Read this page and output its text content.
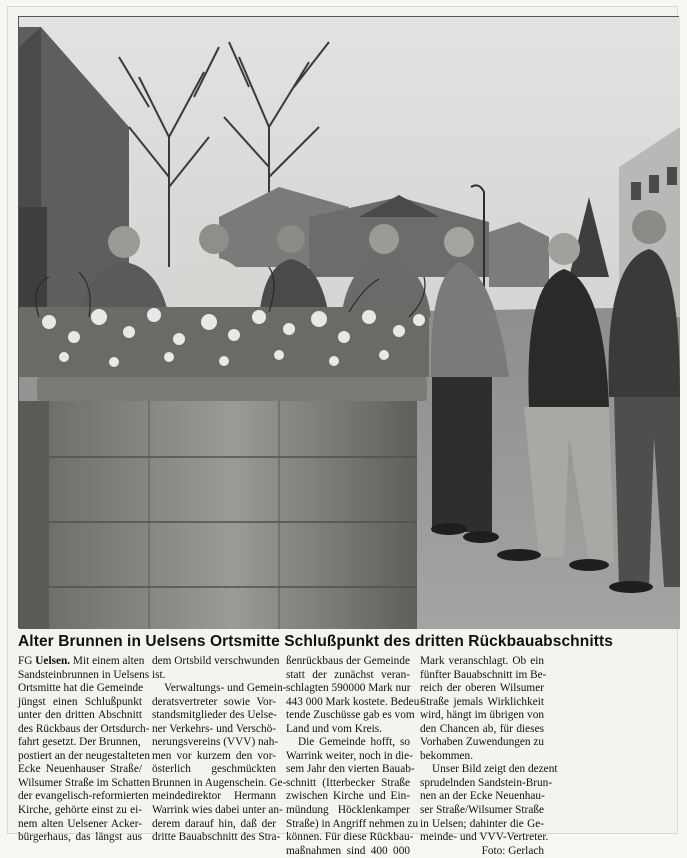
Alter Brunnen in Uelsens Ortsmitte Schlußpunkt des dritten Rückbauabschnitts
FG Uelsen. Mit einem alten
Sandsteinbrunnen in Uelsens
Ortsmitte hat die Gemeinde
jüngst einen Schlußpunkt
unter den dritten Abschnitt
des Rückbaus der Ortsdurch-
fahrt gesetzt. Der Brunnen,
postiert an der neugestalteten
Ecke Neuenhauser Straße/
Wilsumer Straße im Schatten
der evangelisch-reformierten
Kirche, gehörte einst zu ei-
nem alten Uelsener Acker-
bürgerhaus, das längst aus
dem Ortsbild verschwunden
ist.
Verwaltungs- und Gemein-
deratsvertreter sowie Vor-
standsmitglieder des Uelse-
ner Verkehrs- und Verschö-
nerungsvereins (VVV) nah-
men vor kurzem den vor-
österlich geschmückten
Brunnen in Augenschein. Ge-
meindedirektor Hermann
Warrink wies dabei unter an-
derem darauf hin, daß der
dritte Bauabschnitt des Stra-
ßenrückbaus der Gemeinde
statt der zunächst veran-
schlagten 590000 Mark nur
443 000 Mark kostete. Bedeu-
tende Zuschüsse gab es vom
Land und vom Kreis.
Die Gemeinde hofft, so
Warrink weiter, noch in die-
sem Jahr den vierten Bauab-
schnitt (Itterbecker Straße
zwischen Kirche und Ein-
mündung Höcklenkamper
Straße) in Angriff nehmen zu
können. Für diese Rückbau-
maßnahmen sind 400 000
Mark veranschlagt. Ob ein
fünfter Bauabschnitt im Be-
reich der oberen Wilsumer
Straße jemals Wirklichkeit
wird, hängt im übrigen von
den Chancen ab, für dieses
Vorhaben Zuwendungen zu
bekommen.
Unser Bild zeigt den dezent
sprudelnden Sandstein-Brun-
nen an der Ecke Neuenhau-
ser Straße/Wilsumer Straße
in Uelsen; dahinter die Ge-
meinde- und VVV-Vertreter.
Foto: Gerlach
